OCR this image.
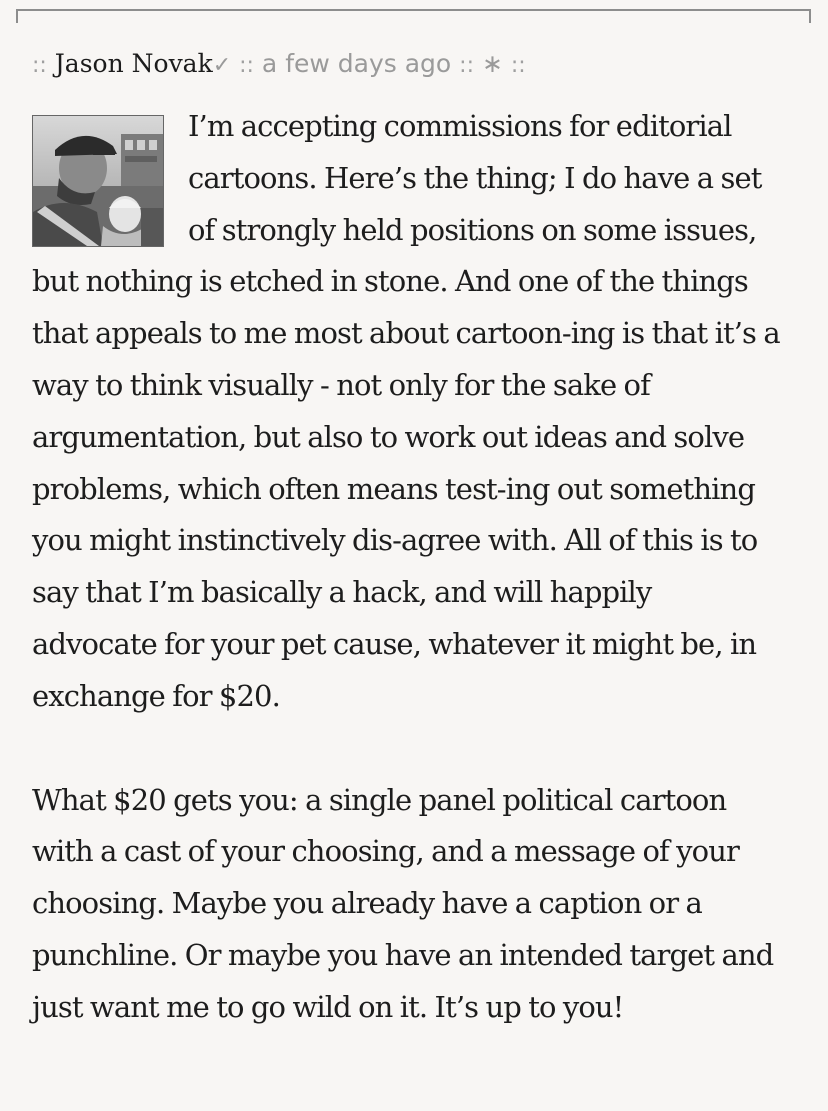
:: Jason Novak✓ :: a few days ago :: ∗ ::

I’m accepting commissions for editorial cartoons. Here’s the thing; I do have a set of strongly held positions on some issues, but nothing is etched in stone. And one of the things that appeals to me most about cartoon-ing is that it’s a way to think visually - not only for the sake of argumentation, but also to work out ideas and solve problems, which often means test-ing out something you might instinctively dis-agree with. All of this is to say that I’m basically a hack, and will happily advocate for your pet cause, whatever it might be, in exchange for $20.

What $20 gets you: a single panel political cartoon with a cast of your choosing, and a message of your choosing. Maybe you already have a caption or a punchline. Or maybe you have an intended target and just want me to go wild on it. It’s up to you!
